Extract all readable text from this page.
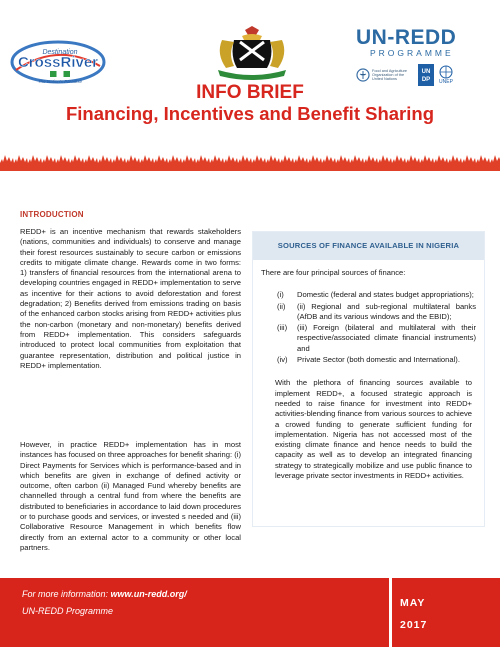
Destination
CrossRiver
The Nation's Paradise
UN-REDD
PROGRAMME
Food and Agriculture Organization of the United Nations
UN
DP UNEP
INFO BRIEF
Financing, Incentives and Benefit Sharing
INTRODUCTION

REDD+ is an incentive mechanism that rewards stakeholders (nations, communities and individuals) to conserve and manage their forest resources sustainably to secure carbon or emissions credits to mitigate climate change. Rewards come in two forms: 1) transfers of financial resources from the international arena to developing countries engaged in REDD+ implementation to serve as incentive for their actions to avoid deforestation and forest degradation; 2) Benefits derived from emissions trading on basis of the enhanced carbon stocks arising from REDD+ activities plus the non-carbon (monetary and non-monetary) benefits derived from REDD+ implementation. This considers safeguards introduced to protect local communities from exploitation that guarantee representation, distribution and political justice in REDD+ implementation.

However, in practice REDD+ implementation has in most instances has focused on three approaches for benefit sharing: (i) Direct Payments for Services which is performance-based and in which benefits are given in exchange of defined activity or outcome, often carbon (ii) Managed Fund whereby benefits are channelled through a central fund from where the benefits are distributed to beneficiaries in accordance to laid down procedures or to purchase goods and services, or invested s needed and (iii) Collaborative Resource Management in which benefits flow directly from an external actor to a community or other local partners.

SOURCES OF FINANCE AVAILABLE IN NIGERIA

There are four principal sources of finance:

(i)	Domestic (federal and states budget appropriations);
(ii)	(ii) Regional and sub-regional multilateral banks (AfDB and its various windows and the EBID);
(iii)	(iii) Foreign (bilateral and multilateral with their respective/associated climate financial instruments) and
(iv)	Private Sector (both domestic and International).

With the plethora of financing sources available to implement REDD+, a focused strategic approach is needed to raise finance for investment into REDD+ activities-blending finance from various sources to achieve a crowed funding to generate sufficient funding for implementation. Nigeria has not accessed most of the existing climate finance and hence needs to build the capacity as well as to develop an integrated financing strategy to strategically mobilize and use public finance to leverage private sector investments in REDD+ activities.

For more information: www.un-redd.org/
UN-REDD Programme
MAY
2017
